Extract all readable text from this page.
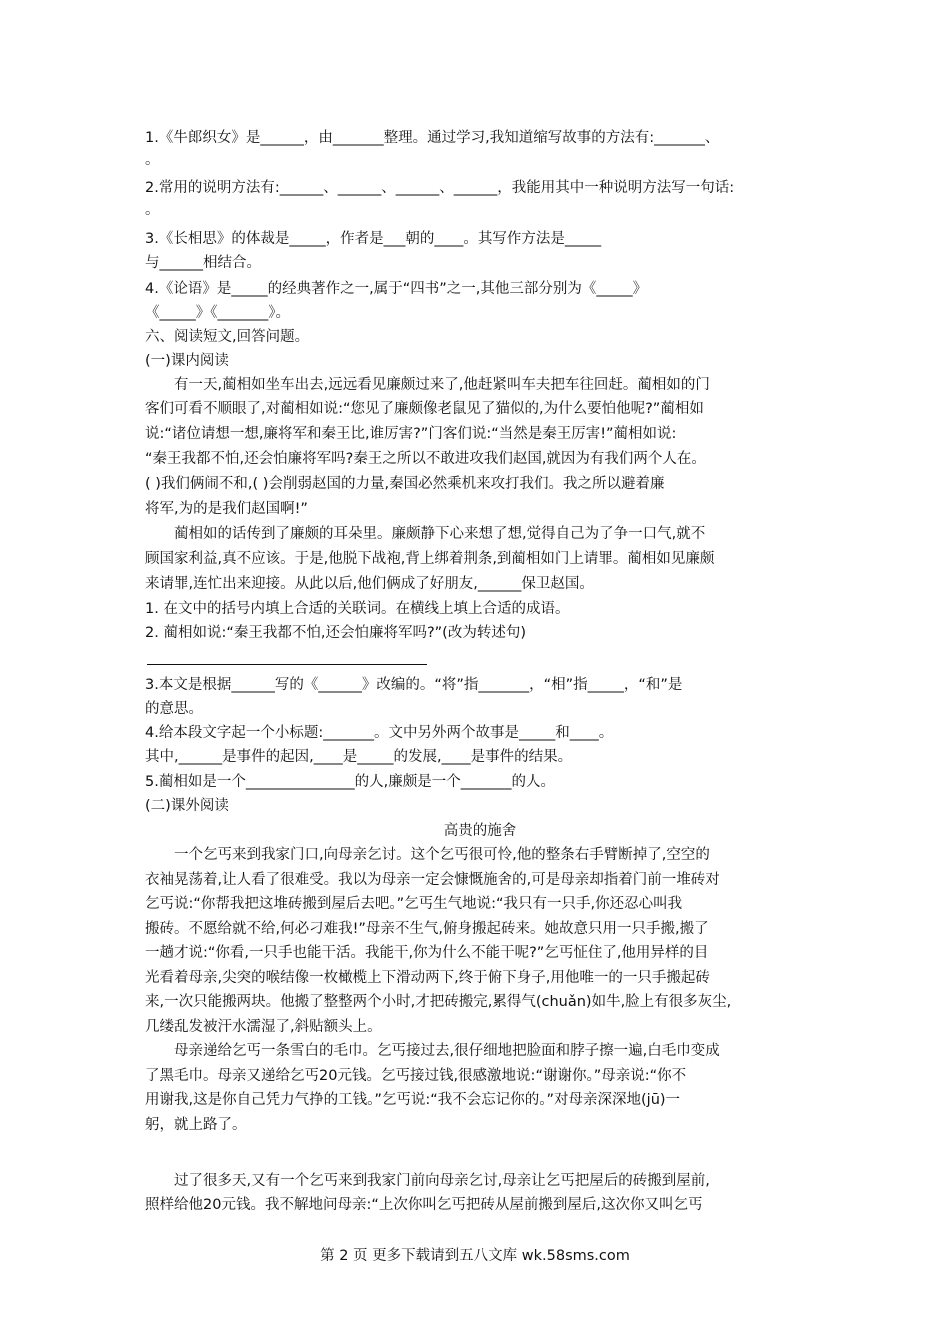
1.《牛郎织女》是______，由_______整理。通过学习,我知道缩写故事的方法有:_______、
。
2.常用的说明方法有:______、______、______、______，我能用其中一种说明方法写一句话:
。
3.《长相思》的体裁是_____，作者是___朝的____。其写作方法是_____
与______相结合。
4.《论语》是_____的经典著作之一,属于“四书”之一,其他三部分别为《_____》
《_____》《_______》。
六、阅读短文,回答问题。
(一)课内阅读
有一天,蔺相如坐车出去,远远看见廉颇过来了,他赶紧叫车夫把车往回赶。蔺相如的门
客们可看不顺眼了,对蔺相如说:“您见了廉颇像老鼠见了猫似的,为什么要怕他呢?”蔺相如
说:“诸位请想一想,廉将军和秦王比,谁厉害?”门客们说:“当然是秦王厉害!”蔺相如说:
“秦王我都不怕,还会怕廉将军吗?秦王之所以不敢进攻我们赵国,就因为有我们两个人在。
( )我们俩闹不和,( )会削弱赵国的力量,秦国必然乘机来攻打我们。我之所以避着廉
将军,为的是我们赵国啊!”
蔺相如的话传到了廉颇的耳朵里。廉颇静下心来想了想,觉得自己为了争一口气,就不
顾国家利益,真不应该。于是,他脱下战袍,背上绑着荆条,到蔺相如门上请罪。蔺相如见廉颇
来请罪,连忙出来迎接。从此以后,他们俩成了好朋友,______保卫赵国。
1. 在文中的括号内填上合适的关联词。在横线上填上合适的成语。
2. 蔺相如说:“秦王我都不怕,还会怕廉将军吗?”(改为转述句)
3.本文是根据______写的《______》改编的。“将”指_______，“相”指_____，“和”是
的意思。
4.给本段文字起一个小标题:_______。文中另外两个故事是_____和____。
其中,______是事件的起因,____是_____的发展,____是事件的结果。
5.蔺相如是一个_______________的人,廉颇是一个_______的人。
(二)课外阅读
高贵的施舍
一个乞丐来到我家门口,向母亲乞讨。这个乞丐很可怜,他的整条右手臂断掉了,空空的
衣袖晃荡着,让人看了很难受。我以为母亲一定会慷慨施舍的,可是母亲却指着门前一堆砖对
乞丐说:“你帮我把这堆砖搬到屋后去吧。”乞丐生气地说:“我只有一只手,你还忍心叫我
搬砖。不愿给就不给,何必刁难我!”母亲不生气,俯身搬起砖来。她故意只用一只手搬,搬了
一趟才说:“你看,一只手也能干活。我能干,你为什么不能干呢?”乞丐怔住了,他用异样的目
光看着母亲,尖突的喉结像一枚橄榄上下滑动两下,终于俯下身子,用他唯一的一只手搬起砖
来,一次只能搬两块。他搬了整整两个小时,才把砖搬完,累得气(chuǎn)如牛,脸上有很多灰尘,
几缕乱发被汗水濡湿了,斜贴额头上。
母亲递给乞丐一条雪白的毛巾。乞丐接过去,很仔细地把脸面和脖子擦一遍,白毛巾变成
了黑毛巾。母亲又递给乞丐20元钱。乞丐接过钱,很感激地说:“谢谢你。”母亲说:“你不
用谢我,这是你自己凭力气挣的工钱。”乞丐说:“我不会忘记你的。”对母亲深深地(jū)一
躬，就上路了。
过了很多天,又有一个乞丐来到我家门前向母亲乞讨,母亲让乞丐把屋后的砖搬到屋前,
照样给他20元钱。我不解地问母亲:“上次你叫乞丐把砖从屋前搬到屋后,这次你又叫乞丐
第 2 页 更多下载请到五八文库 wk.58sms.com
